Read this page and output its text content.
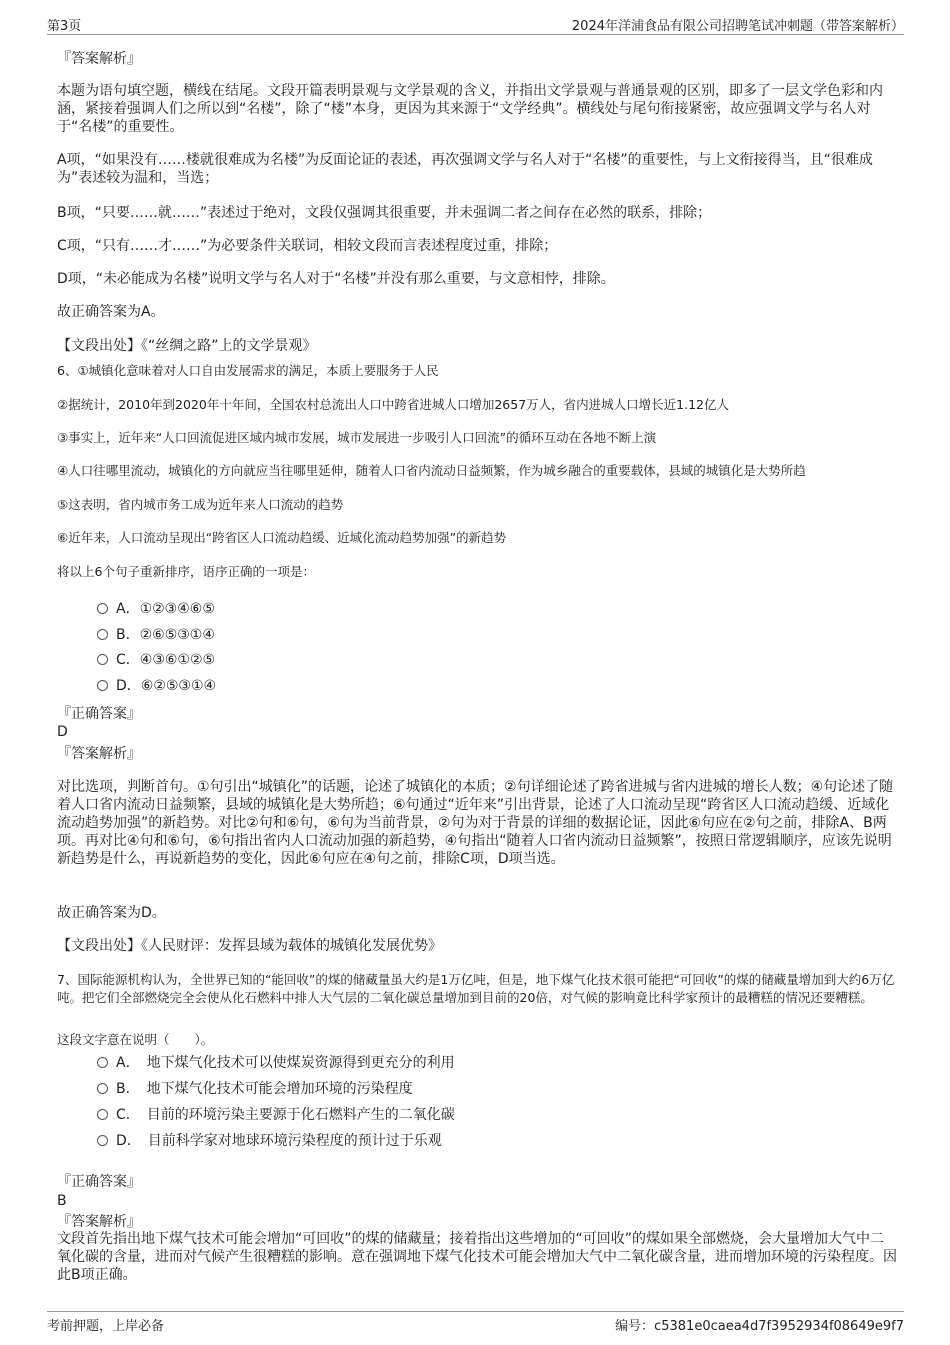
第3页	2024年洋浦食品有限公司招聘笔试冲刺题（带答案解析）

『答案解析』

本题为语句填空题，横线在结尾。文段开篇表明景观与文学景观的含义，并指出文学景观与普通景观的区别，即多了一层文学色彩和内涵，紧接着强调人们之所以到“名楼”，除了“楼”本身，更因为其来源于“文学经典”。横线处与尾句衔接紧密，故应强调文学与名人对于“名楼”的重要性。

A项，“如果没有……楼就很难成为名楼”为反面论证的表述，再次强调文学与名人对于“名楼”的重要性，与上文衔接得当，且“很难成为”表述较为温和，当选；

B项，“只要……就……”表述过于绝对，文段仅强调其很重要，并未强调二者之间存在必然的联系，排除；

C项，“只有……才……”为必要条件关联词，相较文段而言表述程度过重，排除；

D项，“未必能成为名楼”说明文学与名人对于“名楼”并没有那么重要，与文意相悖，排除。

故正确答案为A。

【文段出处】《“丝绸之路”上的文学景观》

6、①城镇化意味着对人口自由发展需求的满足，本质上要服务于人民

②据统计，2010年到2020年十年间，全国农村总流出人口中跨省进城人口增加2657万人，省内进城人口增长近1.12亿人

③事实上，近年来“人口回流促进区域内城市发展，城市发展进一步吸引人口回流”的循环互动在各地不断上演

④人口往哪里流动，城镇化的方向就应当往哪里延伸，随着人口省内流动日益频繁，作为城乡融合的重要载体，县域的城镇化是大势所趋

⑤这表明，省内城市务工成为近年来人口流动的趋势

⑥近年来，人口流动呈现出“跨省区人口流动趋缓、近域化流动趋势加强”的新趋势

将以上6个句子重新排序，语序正确的一项是：

A．①②③④⑥⑤
B．②⑥⑤③①④
C．④③⑥①②⑤
D．⑥②⑤③①④

『正确答案』

D

『答案解析』

对比选项，判断首句。①句引出“城镇化”的话题，论述了城镇化的本质；②句详细论述了跨省进城与省内进城的增长人数；④句论述了随着人口省内流动日益频繁，县域的城镇化是大势所趋；⑥句通过“近年来”引出背景，论述了人口流动呈现“跨省区人口流动趋缓、近域化流动趋势加强”的新趋势。对比②句和⑥句，⑥句为当前背景，②句为对于背景的详细的数据论证，因此⑥句应在②句之前，排除A、B两项。再对比④句和⑥句，⑥句指出省内人口流动加强的新趋势，④句指出“随着人口省内流动日益频繁”，按照日常逻辑顺序，应该先说明新趋势是什么，再说新趋势的变化，因此⑥句应在④句之前，排除C项，D项当选。

故正确答案为D。

【文段出处】《人民财评：发挥县域为载体的城镇化发展优势》

7、国际能源机构认为，全世界已知的“能回收”的煤的储藏量虽大约是1万亿吨，但是，地下煤气化技术很可能把“可回收”的煤的储藏量增加到大约6万亿吨。把它们全部燃烧完全会使从化石燃料中排人大气层的二氧化碳总量增加到目前的20倍，对气候的影响竟比科学家预计的最糟糕的情况还要糟糕。

这段文字意在说明（　　）。

A．　地下煤气化技术可以使煤炭资源得到更充分的利用
B．　地下煤气化技术可能会增加环境的污染程度
C．　目前的环境污染主要源于化石燃料产生的二氧化碳
D．　目前科学家对地球环境污染程度的预计过于乐观

『正确答案』

B

『答案解析』

文段首先指出地下煤气技术可能会增加“可回收”的煤的储藏量；接着指出这些增加的“可回收”的煤如果全部燃烧，会大量增加大气中二氧化碳的含量，进而对气候产生很糟糕的影响。意在强调地下煤气化技术可能会增加大气中二氧化碳含量，进而增加环境的污染程度。因此B项正确。

考前押题，上岸必备	编号：c5381e0caea4d7f3952934f08649e9f7
